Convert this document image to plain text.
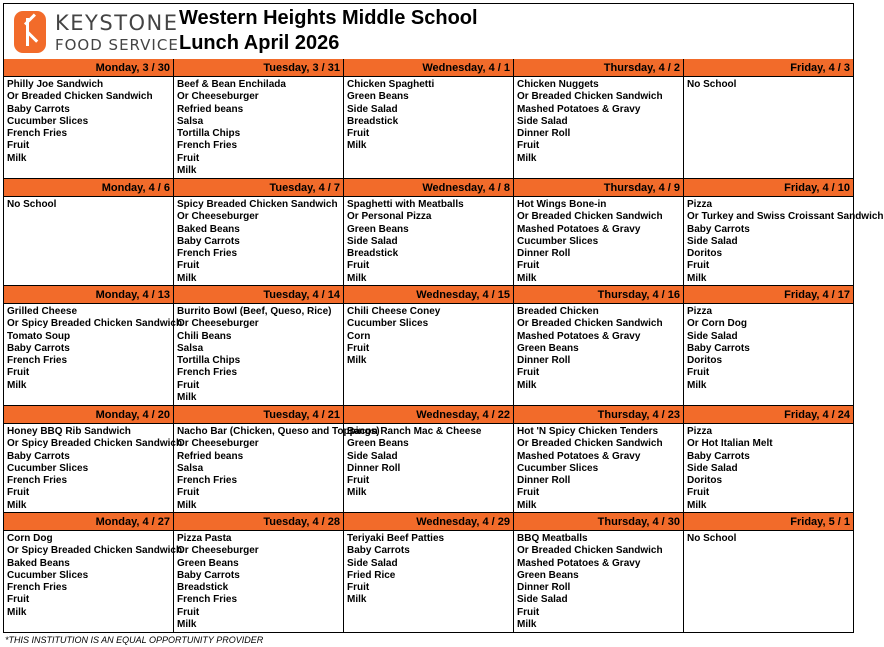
KEYSTONE
FOOD SERVICE
Western Heights Middle School
Lunch April 2026
Monday, 3 / 30
Philly Joe Sandwich
Or Breaded Chicken Sandwich
Baby Carrots
Cucumber Slices
French Fries
Fruit
Milk
Tuesday, 3 / 31
Beef & Bean Enchilada
Or Cheeseburger
Refried beans
Salsa
Tortilla Chips
French Fries
Fruit
Milk
Wednesday, 4 / 1
Chicken Spaghetti
Green Beans
Side Salad
Breadstick
Fruit
Milk
Thursday, 4 / 2
Chicken Nuggets
Or Breaded Chicken Sandwich
Mashed Potatoes & Gravy
Side Salad
Dinner Roll
Fruit
Milk
Friday, 4 / 3
No School
Monday, 4 / 6
No School
Tuesday, 4 / 7
Spicy Breaded Chicken Sandwich
Or Cheeseburger
Baked Beans
Baby Carrots
French Fries
Fruit
Milk
Wednesday, 4 / 8
Spaghetti with Meatballs
Or Personal Pizza
Green Beans
Side Salad
Breadstick
Fruit
Milk
Thursday, 4 / 9
Hot Wings Bone-in
Or Breaded Chicken Sandwich
Mashed Potatoes & Gravy
Cucumber Slices
Dinner Roll
Fruit
Milk
Friday, 4 / 10
Pizza
Or Turkey and Swiss Croissant Sandwich
Baby Carrots
Side Salad
Doritos
Fruit
Milk
Monday, 4 / 13
Grilled Cheese
Or Spicy Breaded Chicken Sandwich
Tomato Soup
Baby Carrots
French Fries
Fruit
Milk
Tuesday, 4 / 14
Burrito Bowl (Beef, Queso, Rice)
Or Cheeseburger
Chili Beans
Salsa
Tortilla Chips
French Fries
Fruit
Milk
Wednesday, 4 / 15
Chili Cheese Coney
Cucumber Slices
Corn
Fruit
Milk
Thursday, 4 / 16
Breaded Chicken
Or Breaded Chicken Sandwich
Mashed Potatoes & Gravy
Green Beans
Dinner Roll
Fruit
Milk
Friday, 4 / 17
Pizza
Or Corn Dog
Side Salad
Baby Carrots
Doritos
Fruit
Milk
Monday, 4 / 20
Honey BBQ Rib Sandwich
Or Spicy Breaded Chicken Sandwich
Baby Carrots
Cucumber Slices
French Fries
Fruit
Milk
Tuesday, 4 / 21
Nacho Bar (Chicken, Queso and Toppings)
Or Cheeseburger
Refried beans
Salsa
French Fries
Fruit
Milk
Wednesday, 4 / 22
Bacon Ranch Mac & Cheese
Green Beans
Side Salad
Dinner Roll
Fruit
Milk
Thursday, 4 / 23
Hot 'N Spicy Chicken Tenders
Or Breaded Chicken Sandwich
Mashed Potatoes & Gravy
Cucumber Slices
Dinner Roll
Fruit
Milk
Friday, 4 / 24
Pizza
Or Hot Italian Melt
Baby Carrots
Side Salad
Doritos
Fruit
Milk
Monday, 4 / 27
Corn Dog
Or Spicy Breaded Chicken Sandwich
Baked Beans
Cucumber Slices
French Fries
Fruit
Milk
Tuesday, 4 / 28
Pizza Pasta
Or Cheeseburger
Green Beans
Baby Carrots
Breadstick
French Fries
Fruit
Milk
Wednesday, 4 / 29
Teriyaki Beef Patties
Baby Carrots
Side Salad
Fried Rice
Fruit
Milk
Thursday, 4 / 30
BBQ Meatballs
Or Breaded Chicken Sandwich
Mashed Potatoes & Gravy
Green Beans
Dinner Roll
Side Salad
Fruit
Milk
Friday, 5 / 1
No School
*THIS INSTITUTION IS AN EQUAL OPPORTUNITY PROVIDER
